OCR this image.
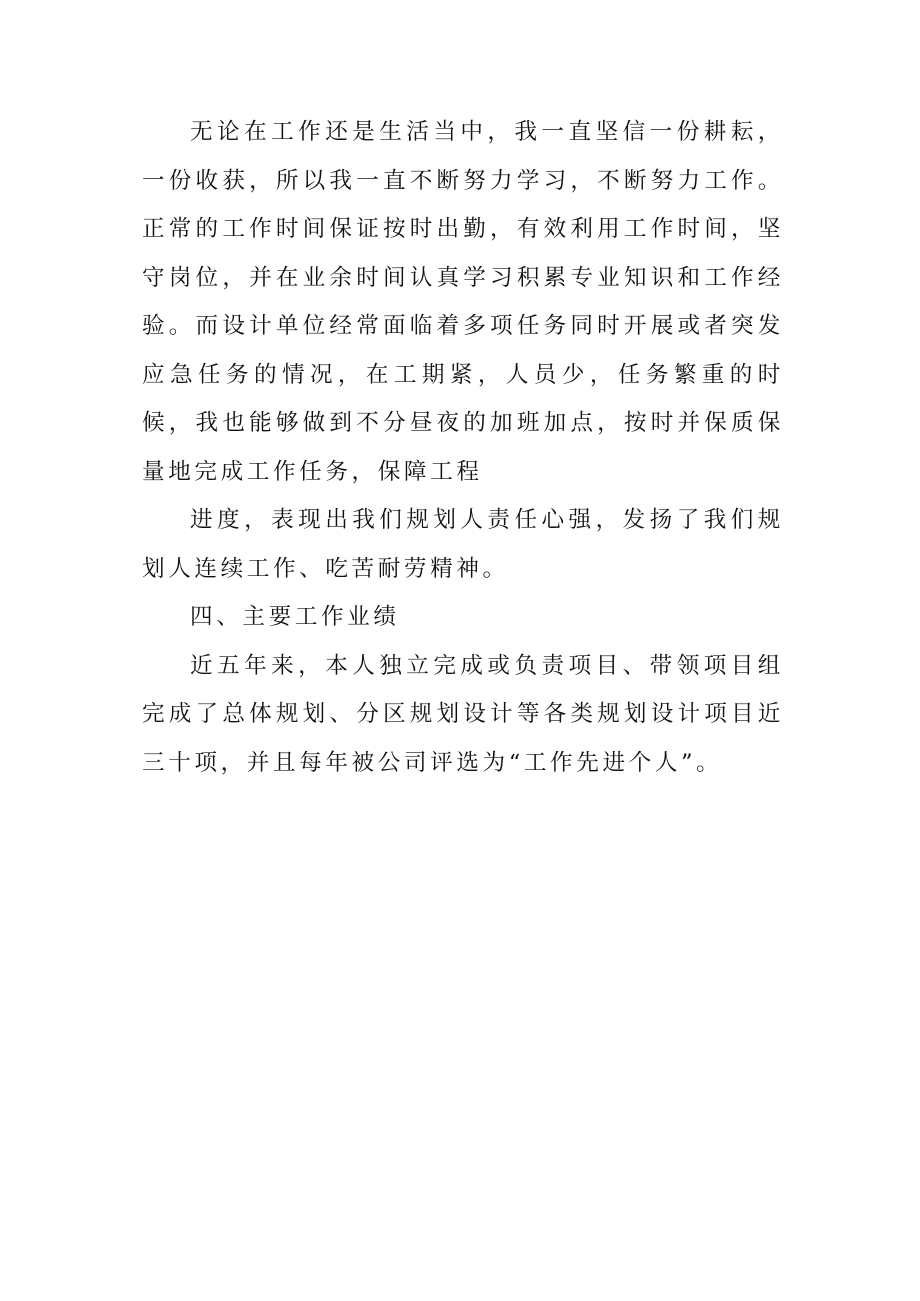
无论在工作还是生活当中，我一直坚信一份耕耘，一份收获，所以我一直不断努力学习，不断努力工作。正常的工作时间保证按时出勤，有效利用工作时间，坚守岗位，并在业余时间认真学习积累专业知识和工作经验。而设计单位经常面临着多项任务同时开展或者突发应急任务的情况，在工期紧，人员少，任务繁重的时候，我也能够做到不分昼夜的加班加点，按时并保质保量地完成工作任务，保障工程

进度，表现出我们规划人责任心强，发扬了我们规划人连续工作、吃苦耐劳精神。

四、主要工作业绩

近五年来，本人独立完成或负责项目、带领项目组完成了总体规划、分区规划设计等各类规划设计项目近三十项，并且每年被公司评选为“工作先进个人”。
